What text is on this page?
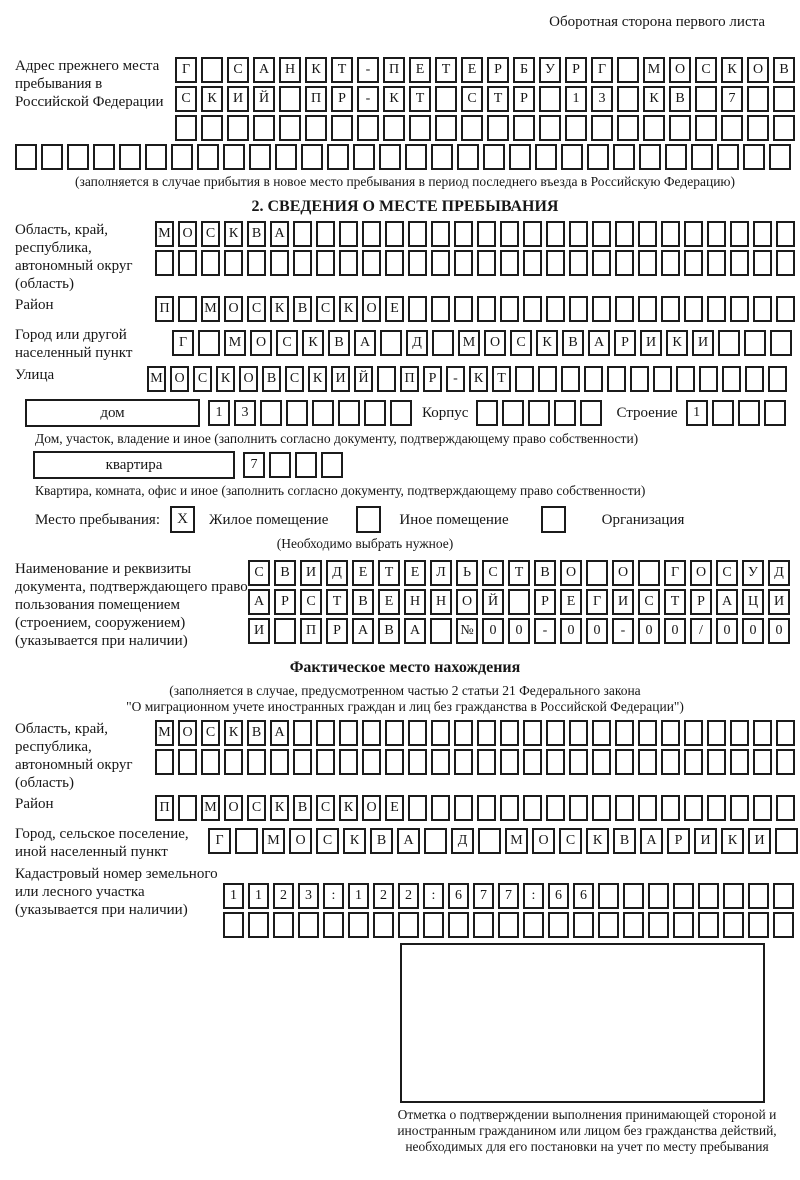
Оборотная сторона первого листа
Адрес прежнего места пребывания в Российской Федерации
Г	С	А	Н	К	Т	-	П	Е	Т	Е	Р	Б	У	Р	Г	М	О	С	К	О	В
С	К	И	Й	П	Р	-	К	Т	С	Т	Р	1	3	К	В	7
(заполняется в случае прибытия в новое место пребывания в период последнего въезда в Российскую Федерацию)
2. СВЕДЕНИЯ О МЕСТЕ ПРЕБЫВАНИЯ
Область, край, республика, автономный округ (область)
М О С К В А
Район	П	М О С К В С К О Е
Город или другой населенный пункт
Г	М	О	С	К	В	А	Д	М	О	С	К	В	А	Р	И	К	И
Улица	М О С К О В С К И Й	П	Р	-	К	Т
дом	1	3	Корпус	Строение	1
Дом, участок, владение и иное (заполнить согласно документу, подтверждающему право собственности)
квартира	7
Квартира, комната, офис и иное (заполнить согласно документу, подтверждающему право собственности)
Место пребывания:	X	Жилое помещение	Иное помещение	Организация
(Необходимо выбрать нужное)
Наименование и реквизиты документа, подтверждающего право пользования помещением (строением, сооружением) (указывается при наличии)
С	В	И	Д	Е	Т	Е	Л	Ь	С	Т	В	О	О	Г	О	С	У	Д
А	Р	С	Т	В	Е	Н	Н	О	Й	Р	Е	Г	И	С	Т	Р	А	Ц	И
И	П	Р	А	В	А	№	0	0	-	0	0	-	0	0	/	0	0	0
Фактическое место нахождения
(заполняется в случае, предусмотренном частью 2 статьи 21 Федерального закона
"О миграционном учете иностранных граждан и лиц без гражданства в Российской Федерации")
Область, край, республика, автономный округ (область)
М О С К В А
Район	П	М О С К В С К О Е
Город, сельское поселение, иной населенный пункт
Г	М	О	С	К	В	А	Д	М	О	С	К	В	А	Р	И	К	И
Кадастровый номер земельного или лесного участка (указывается при наличии)
1	1	2	3	:	1	2	2	:	6	7	7	:	6	6
Отметка о подтверждении выполнения принимающей стороной и иностранным гражданином или лицом без гражданства действий, необходимых для его постановки на учет по месту пребывания
